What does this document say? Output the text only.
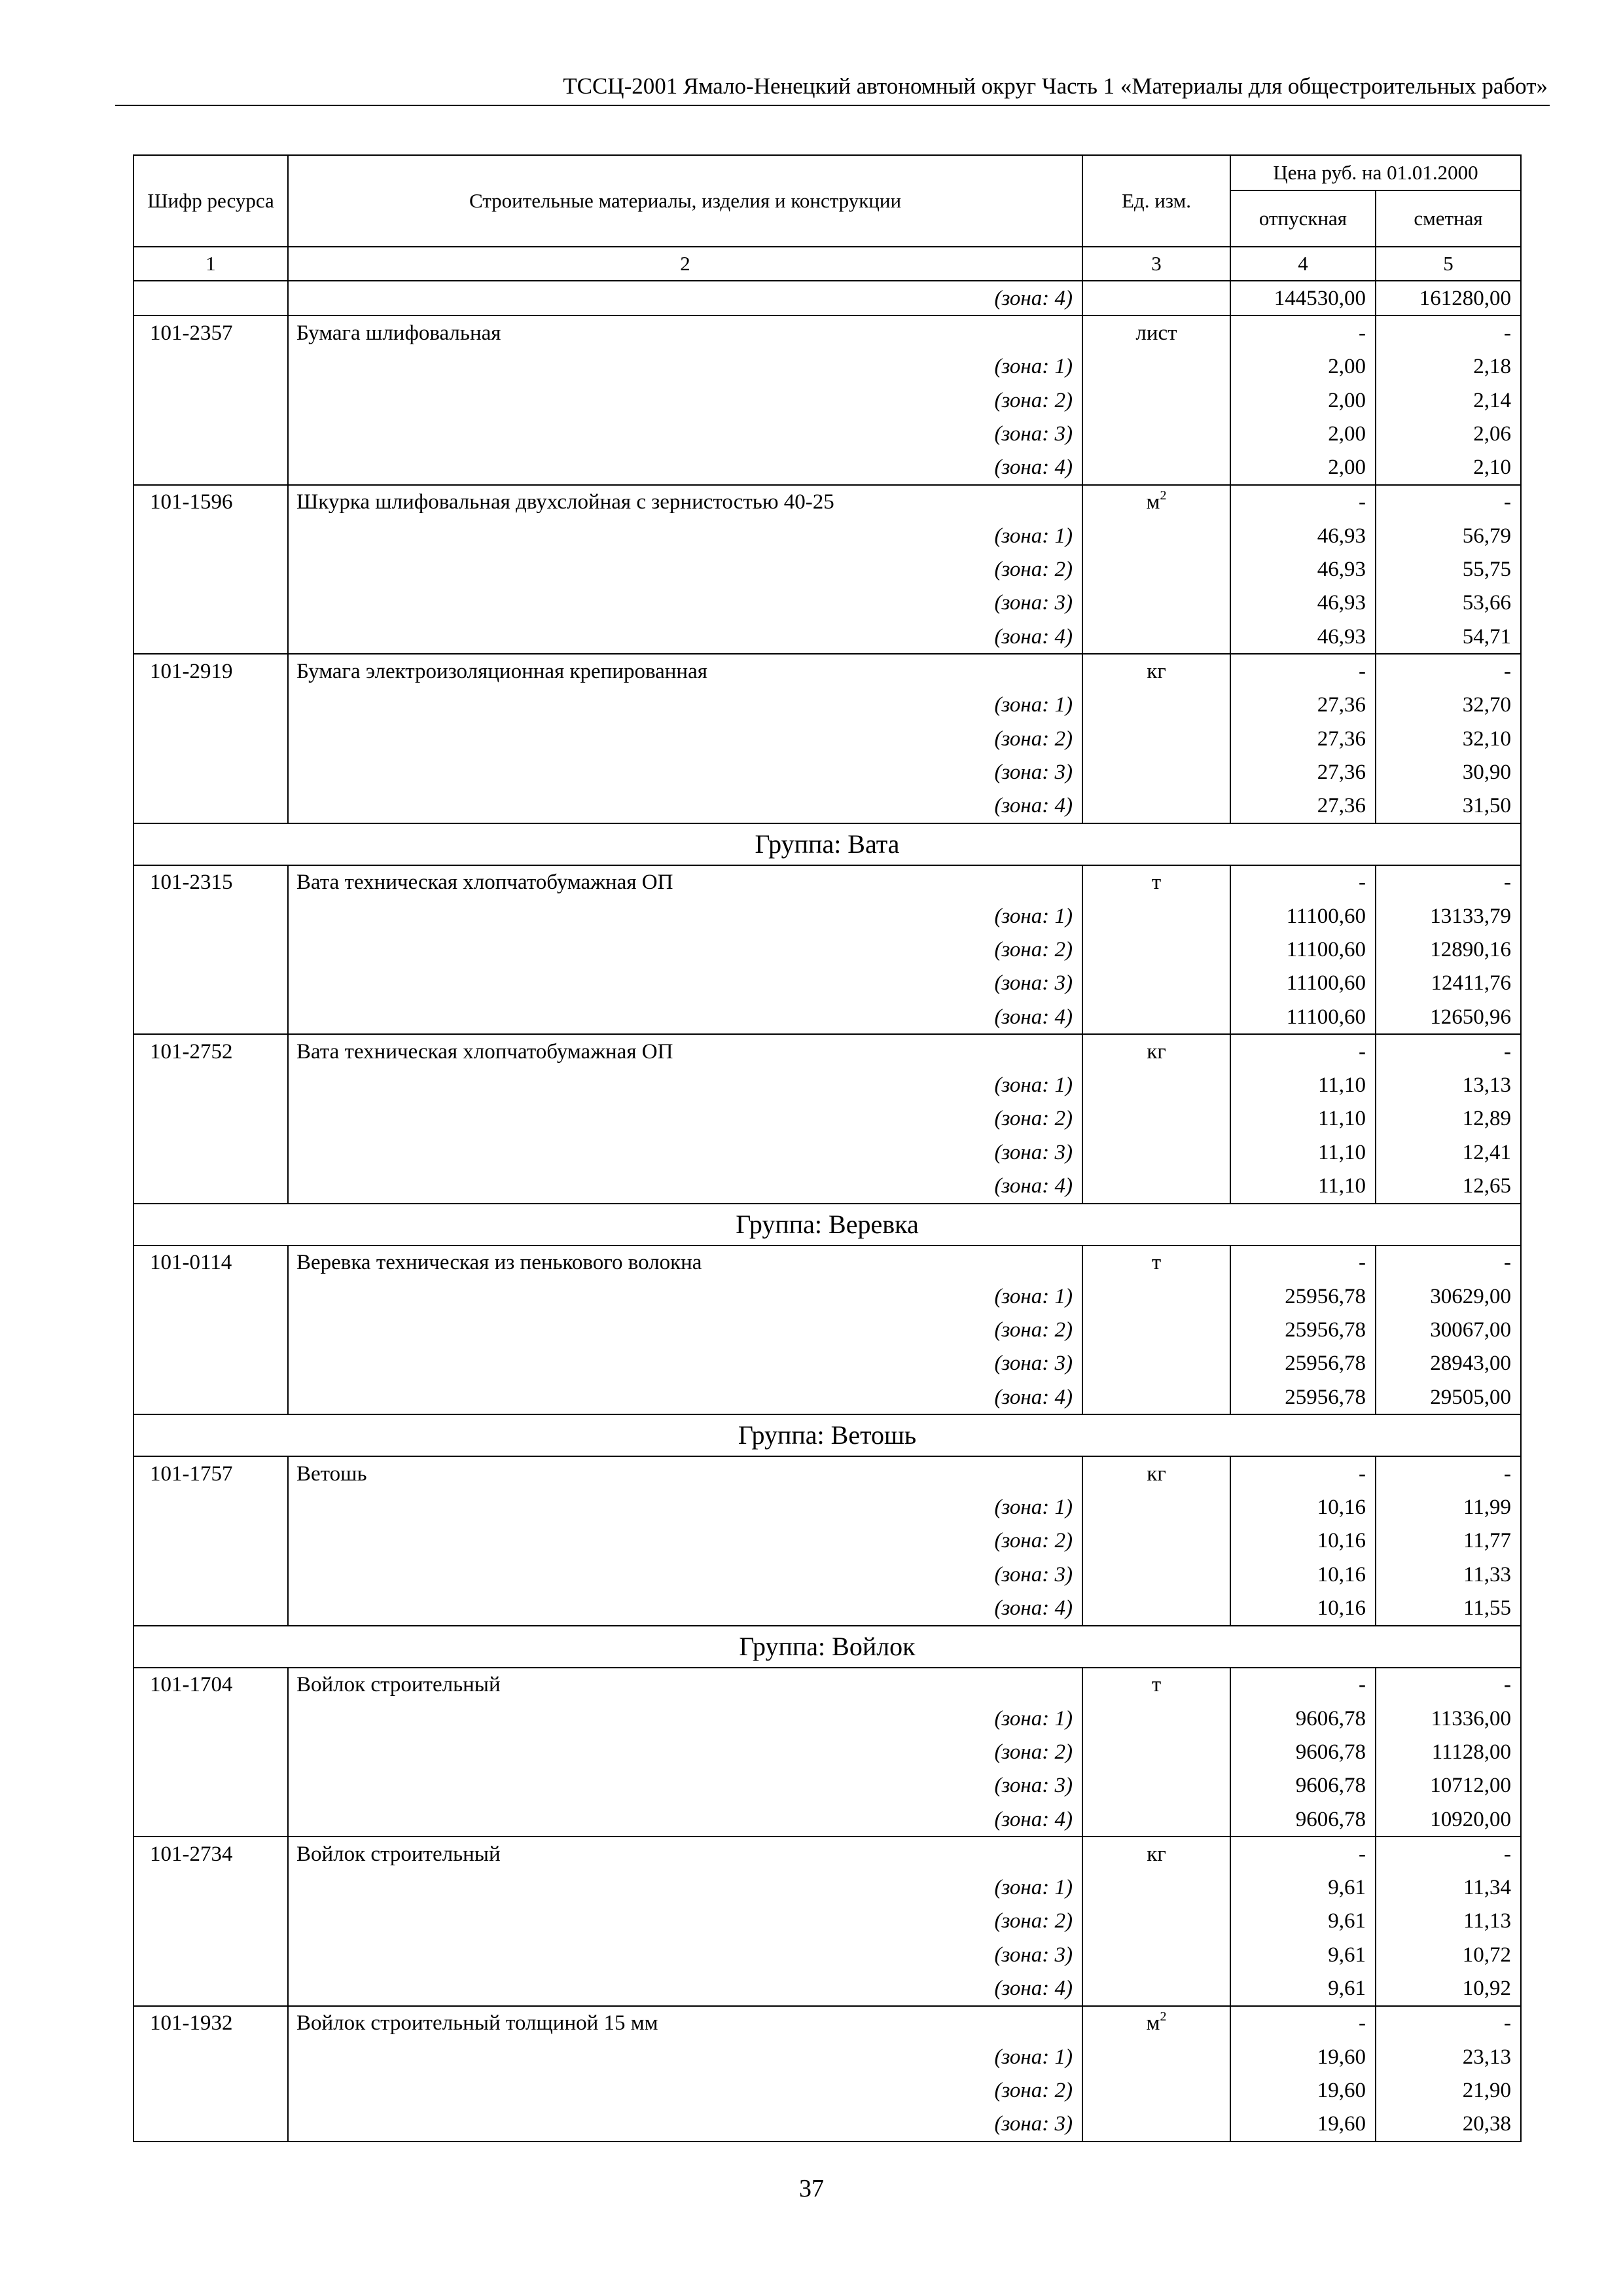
ТССЦ-2001 Ямало-Ненецкий автономный округ Часть 1 «Материалы для общестроительных работ»
Шифр ресурса	Строительные материалы, изделия и конструкции	Ед. изм.	Цена руб. на 01.01.2000	
			отпускная	сметная
1	2	3	4	5
	(зона: 4)		144530,00	161280,00
101-2357	Бумага шлифовальная	лист	-	-
	(зона: 1)		2,00	2,18
	(зона: 2)		2,00	2,14
	(зона: 3)		2,00	2,06
	(зона: 4)		2,00	2,10
101-1596	Шкурка шлифовальная двухслойная с зернистостью 40-25	$м^2$	-	-
	(зона: 1)		46,93	56,79
	(зона: 2)		46,93	55,75
	(зона: 3)		46,93	53,66
	(зона: 4)		46,93	54,71
101-2919	Бумага электроизоляционная крепированная	кг	-	-
	(зона: 1)		27,36	32,70
	(зона: 2)		27,36	32,10
	(зона: 3)		27,36	30,90
	(зона: 4)		27,36	31,50
Группа: Вата				
101-2315	Вата техническая хлопчатобумажная ОП	т	-	-
	(зона: 1)		11100,60	13133,79
	(зона: 2)		11100,60	12890,16
	(зона: 3)		11100,60	12411,76
	(зона: 4)		11100,60	12650,96
101-2752	Вата техническая хлопчатобумажная ОП	кг	-	-
	(зона: 1)		11,10	13,13
	(зона: 2)		11,10	12,89
	(зона: 3)		11,10	12,41
	(зона: 4)		11,10	12,65
Группа: Веревка				
101-0114	Веревка техническая из пенькового волокна	т	-	-
	(зона: 1)		25956,78	30629,00
	(зона: 2)		25956,78	30067,00
	(зона: 3)		25956,78	28943,00
	(зона: 4)		25956,78	29505,00
Группа: Ветошь				
101-1757	Ветошь	кг	-	-
	(зона: 1)		10,16	11,99
	(зона: 2)		10,16	11,77
	(зона: 3)		10,16	11,33
	(зона: 4)		10,16	11,55
Группа: Войлок				
101-1704	Войлок строительный	т	-	-
	(зона: 1)		9606,78	11336,00
	(зона: 2)		9606,78	11128,00
	(зона: 3)		9606,78	10712,00
	(зона: 4)		9606,78	10920,00
101-2734	Войлок строительный	кг	-	-
	(зона: 1)		9,61	11,34
	(зона: 2)		9,61	11,13
	(зона: 3)		9,61	10,72
	(зона: 4)		9,61	10,92
101-1932	Войлок строительный толщиной 15 мм	$м^2$	-	-
	(зона: 1)		19,60	23,13
	(зона: 2)		19,60	21,90
	(зона: 3)		19,60	20,38
37
